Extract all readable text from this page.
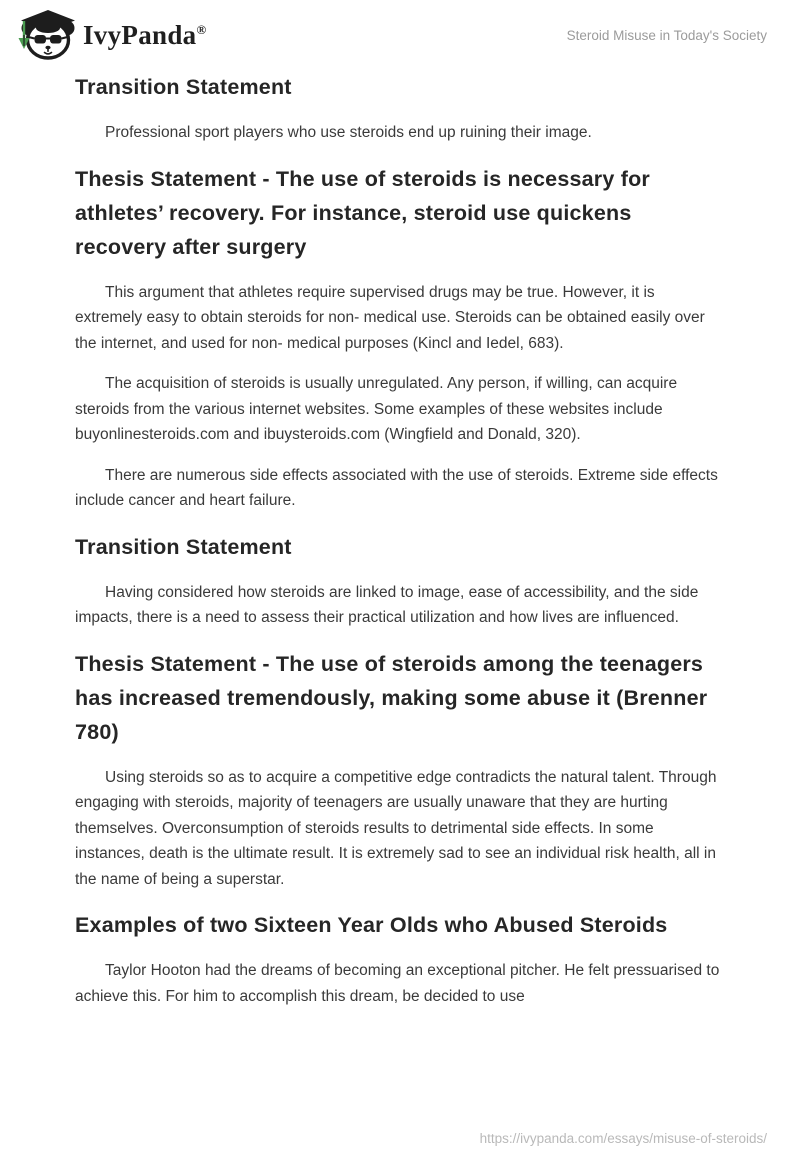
IvyPanda®	Steroid Misuse in Today's Society
Transition Statement

Professional sport players who use steroids end up ruining their image.

Thesis Statement - The use of steroids is necessary for athletes’ recovery. For instance, steroid use quickens recovery after surgery

This argument that athletes require supervised drugs may be true. However, it is extremely easy to obtain steroids for non- medical use. Steroids can be obtained easily over the internet, and used for non- medical purposes (Kincl and Iedel, 683).

The acquisition of steroids is usually unregulated. Any person, if willing, can acquire steroids from the various internet websites. Some examples of these websites include buyonlinesteroids.com and ibuysteroids.com (Wingfield and Donald, 320).

There are numerous side effects associated with the use of steroids. Extreme side effects include cancer and heart failure.

Transition Statement

Having considered how steroids are linked to image, ease of accessibility, and the side impacts, there is a need to assess their practical utilization and how lives are influenced.

Thesis Statement - The use of steroids among the teenagers has increased tremendously, making some abuse it (Brenner 780)

Using steroids so as to acquire a competitive edge contradicts the natural talent. Through engaging with steroids, majority of teenagers are usually unaware that they are hurting themselves. Overconsumption of steroids results to detrimental side effects. In some instances, death is the ultimate result. It is extremely sad to see an individual risk health, all in the name of being a superstar.

Examples of two Sixteen Year Olds who Abused Steroids

Taylor Hooton had the dreams of becoming an exceptional pitcher. He felt pressuarised to achieve this. For him to accomplish this dream, be decided to use

https://ivypanda.com/essays/misuse-of-steroids/
